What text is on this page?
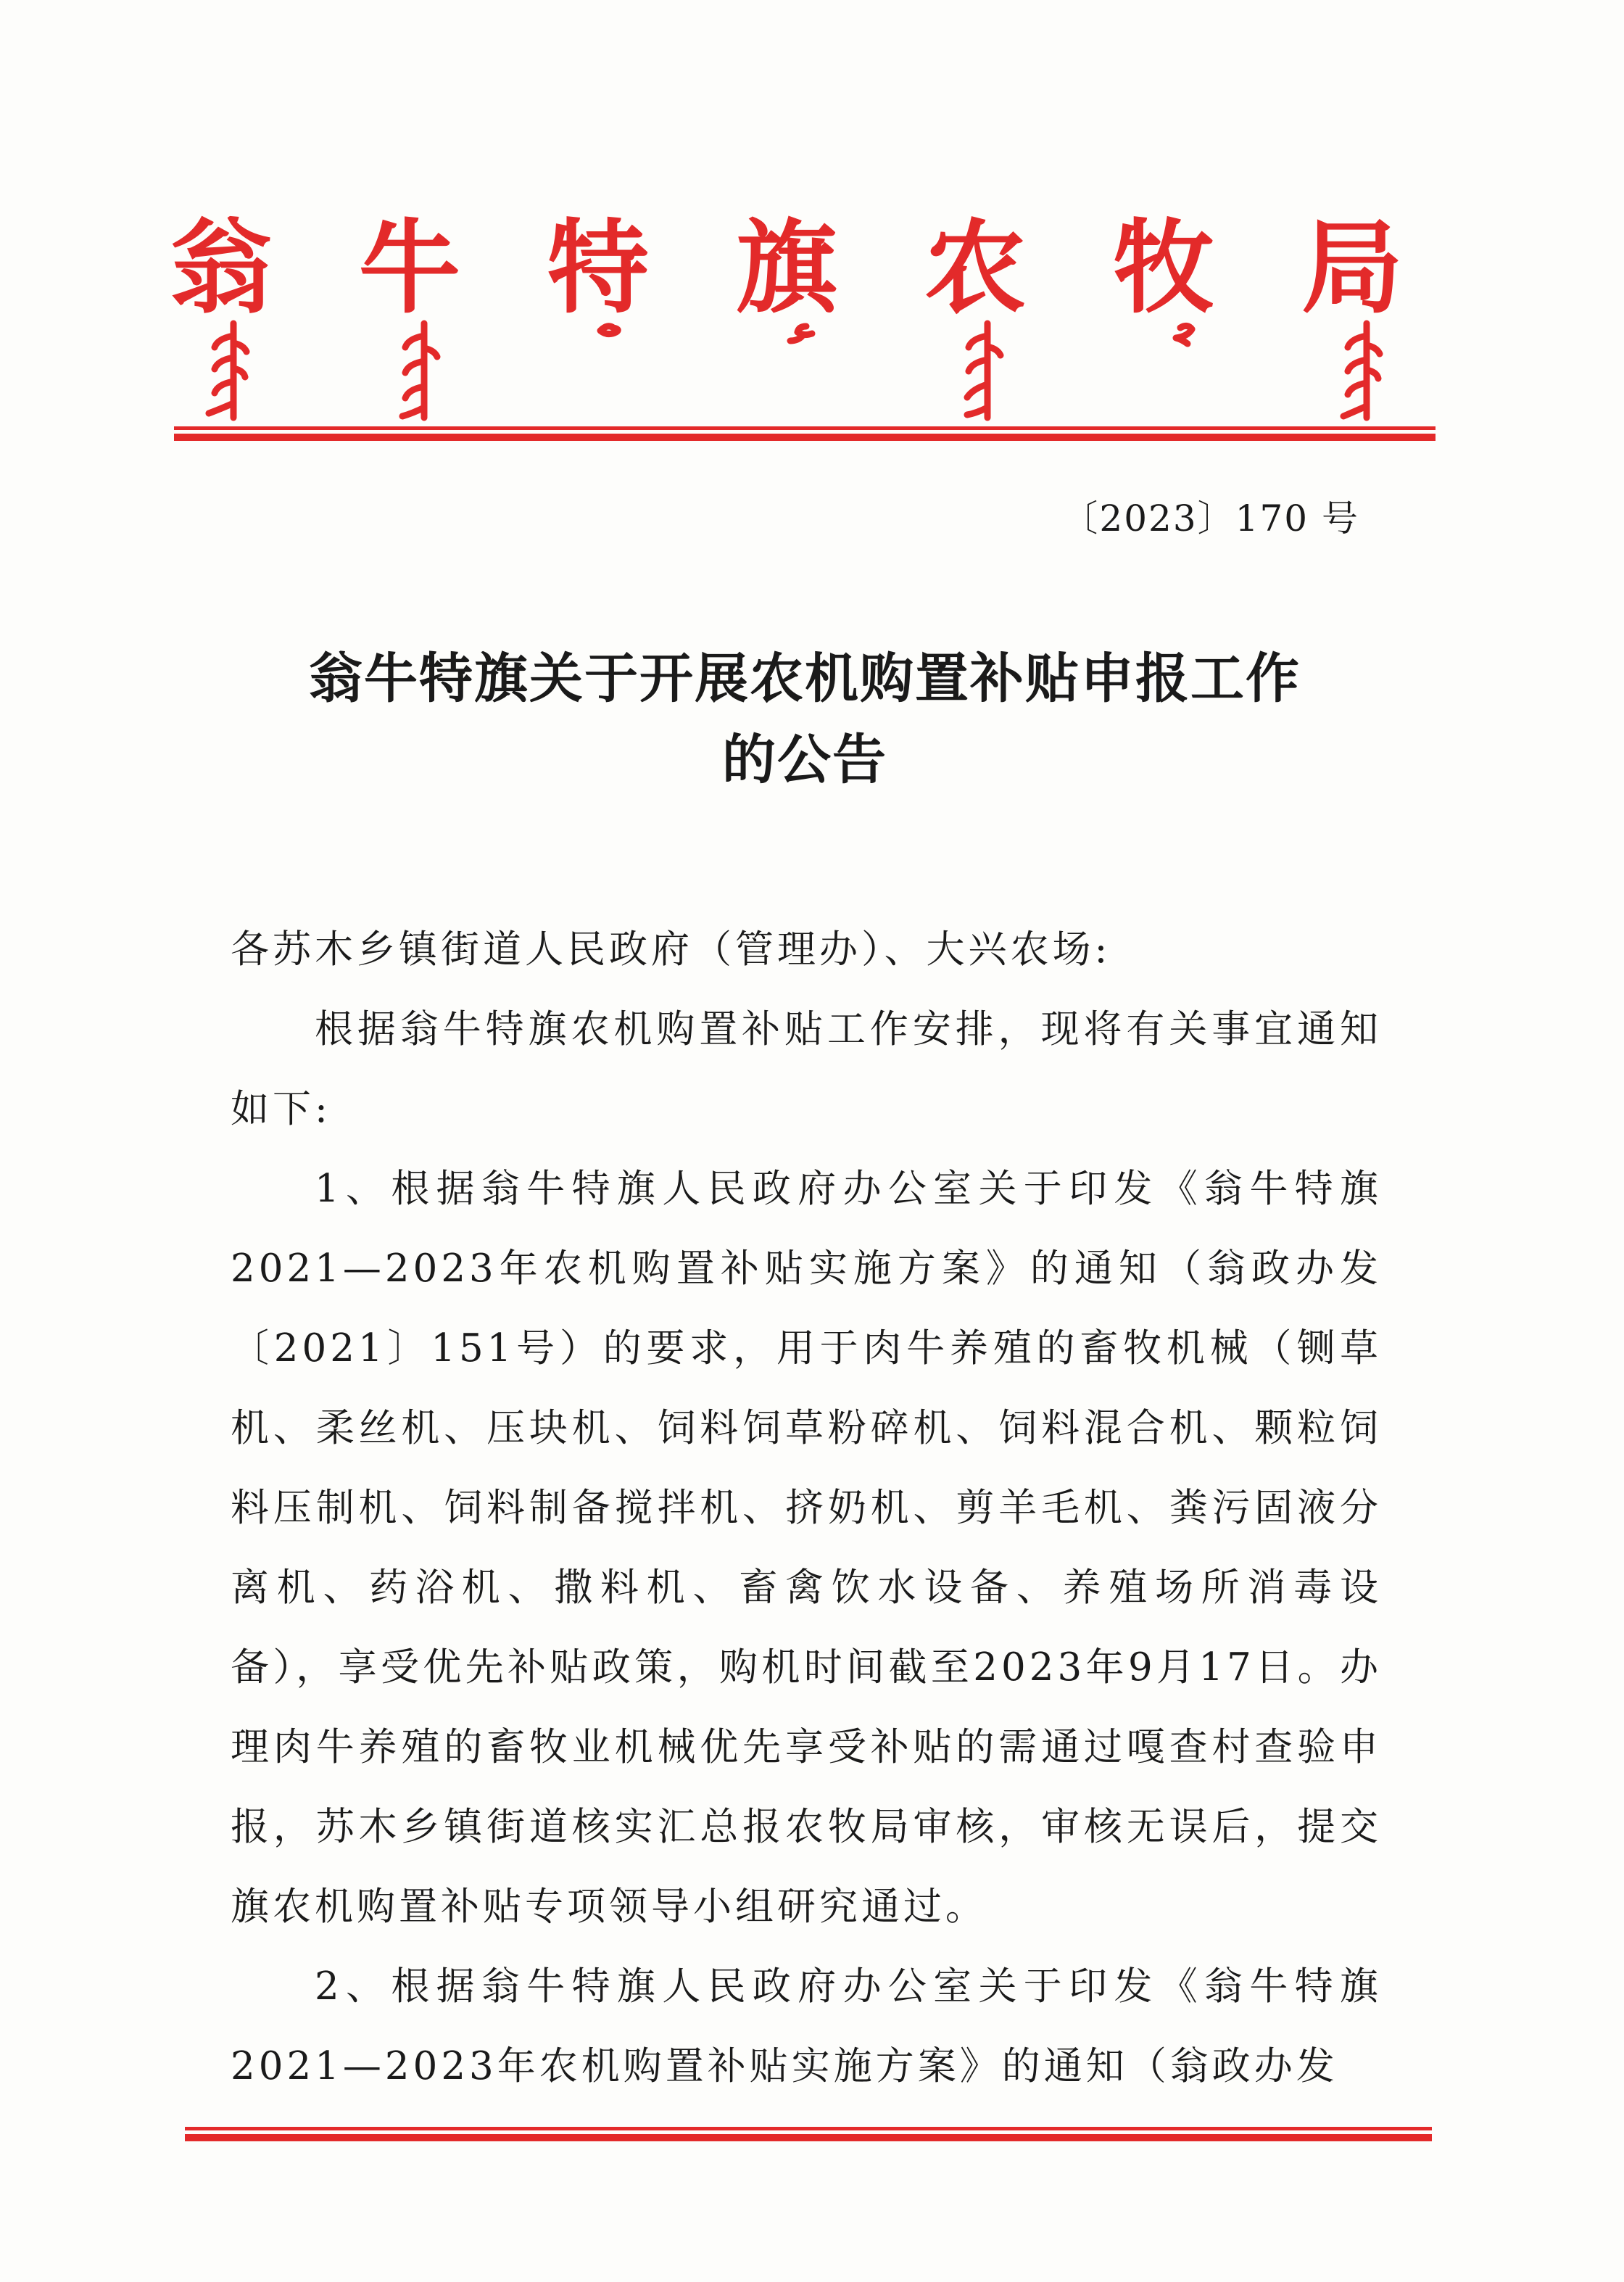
翁 牛 特 旗 农 牧 局
〔2023〕170 号
翁牛特旗关于开展农机购置补贴申报工作
的公告

各苏木乡镇街道人民政府（管理办）、大兴农场:

根据翁牛特旗农机购置补贴工作安排，现将有关事宜通知如下:

1、根据翁牛特旗人民政府办公室关于印发《翁牛特旗2021—2023年农机购置补贴实施方案》的通知（翁政办发〔2021〕151号）的要求，用于肉牛养殖的畜牧机械（铡草机、柔丝机、压块机、饲料饲草粉碎机、饲料混合机、颗粒饲料压制机、饲料制备搅拌机、挤奶机、剪羊毛机、粪污固液分离机、药浴机、撒料机、畜禽饮水设备、养殖场所消毒设备），享受优先补贴政策，购机时间截至2023年9月17日。办理肉牛养殖的畜牧业机械优先享受补贴的需通过嘎查村查验申报，苏木乡镇街道核实汇总报农牧局审核，审核无误后，提交旗农机购置补贴专项领导小组研究通过。

2、根据翁牛特旗人民政府办公室关于印发《翁牛特旗2021—2023年农机购置补贴实施方案》的通知（翁政办发
